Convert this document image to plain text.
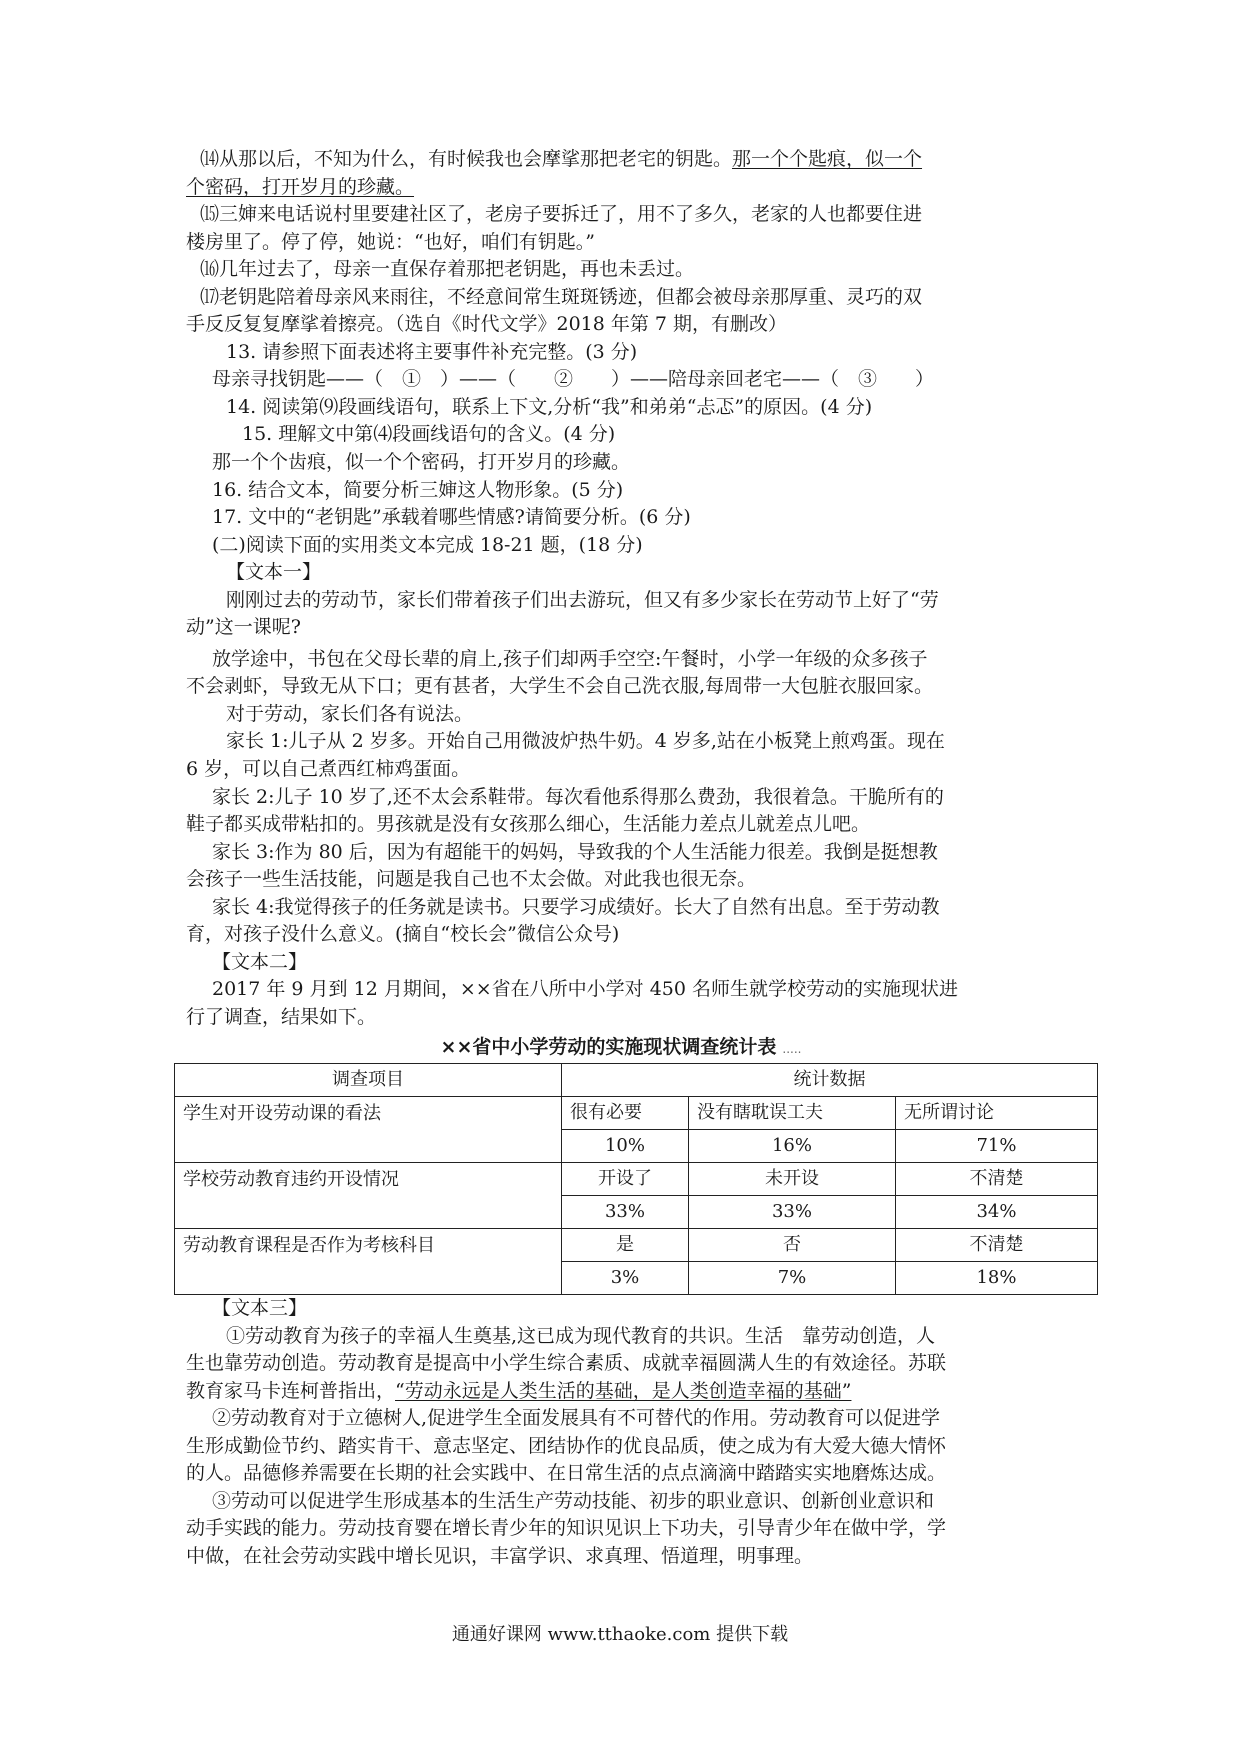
⒁从那以后，不知为什么，有时候我也会摩挲那把老宅的钥匙。那一个个匙痕，似一个

个密码，打开岁月的珍藏。

⒂三婶来电话说村里要建社区了，老房子要拆迁了，用不了多久，老家的人也都要住进

楼房里了。停了停，她说：“也好，咱们有钥匙。”

⒃几年过去了，母亲一直保存着那把老钥匙，再也未丢过。

⒄老钥匙陪着母亲风来雨往，不经意间常生斑斑锈迹，但都会被母亲那厚重、灵巧的双

手反反复复摩挲着擦亮。（选自《时代文学》2018 年第 7 期，有删改）

13. 请参照下面表述将主要事件补充完整。(3 分)

母亲寻找钥匙——（　①　）——（　　②　　）——陪母亲回老宅——（　③　　）

14. 阅读第⑼段画线语句，联系上下文,分析“我”和弟弟“忐忑”的原因。(4 分)

15. 理解文中第⑷段画线语句的含义。(4 分)

那一个个齿痕，似一个个密码，打开岁月的珍藏。

16. 结合文本，简要分析三婶这人物形象。(5 分)

17. 文中的“老钥匙”承载着哪些情感?请简要分析。(6 分)

(二)阅读下面的实用类文本完成 18-21 题，(18 分)

【文本一】

刚刚过去的劳动节，家长们带着孩子们出去游玩，但又有多少家长在劳动节上好了“劳

动”这一课呢?

放学途中，书包在父母长辈的肩上,孩子们却两手空空:午餐时，小学一年级的众多孩子

不会剥虾，导致无从下口；更有甚者，大学生不会自己洗衣服,每周带一大包脏衣服回家。

对于劳动，家长们各有说法。

家长 1:儿子从 2 岁多。开始自己用微波炉热牛奶。4 岁多,站在小板凳上煎鸡蛋。现在

6 岁，可以自己煮西红柿鸡蛋面。

家长 2:儿子 10 岁了,还不太会系鞋带。每次看他系得那么费劲，我很着急。干脆所有的

鞋子都买成带粘扣的。男孩就是没有女孩那么细心，生活能力差点儿就差点儿吧。

家长 3:作为 80 后，因为有超能干的妈妈，导致我的个人生活能力很差。我倒是挺想教

会孩子一些生活技能，问题是我自己也不太会做。对此我也很无奈。

家长 4:我觉得孩子的任务就是读书。只要学习成绩好。长大了自然有出息。至于劳动教

育，对孩子没什么意义。(摘自“校长会”微信公众号)

【文本二】

2017 年 9 月到 12 月期间，××省在八所中小学对 450 名师生就学校劳动的实施现状进

行了调查，结果如下。

××省中小学劳动的实施现状调查统计表 .....
调查项目	统计数据		
学生对开设劳动课的看法	很有必要	没有瞎耽误工夫	无所谓讨论
	10%	16%	71%
学校劳动教育违约开设情况	开设了	未开设	不清楚
	33%	33%	34%
劳动教育课程是否作为考核科目	是	否	不清楚
	3%	7%	18%

【文本三】

①劳动教育为孩子的幸福人生奠基,这已成为现代教育的共识。生活　靠劳动创造，人

生也靠劳动创造。劳动教育是提高中小学生综合素质、成就幸福圆满人生的有效途径。苏联

教育家马卡连柯普指出，“劳动永远是人类生活的基础，是人类创造幸福的基础”

②劳动教育对于立德树人,促进学生全面发展具有不可替代的作用。劳动教育可以促进学

生形成勤俭节约、踏实肯干、意志坚定、团结协作的优良品质，使之成为有大爱大德大情怀

的人。品德修养需要在长期的社会实践中、在日常生活的点点滴滴中踏踏实实地磨炼达成。

③劳动可以促进学生形成基本的生活生产劳动技能、初步的职业意识、创新创业意识和

动手实践的能力。劳动技育婴在增长青少年的知识见识上下功夫，引导青少年在做中学，学

中做，在社会劳动实践中增长见识，丰富学识、求真理、悟道理，明事理。

通通好课网 www.tthaoke.com 提供下载
